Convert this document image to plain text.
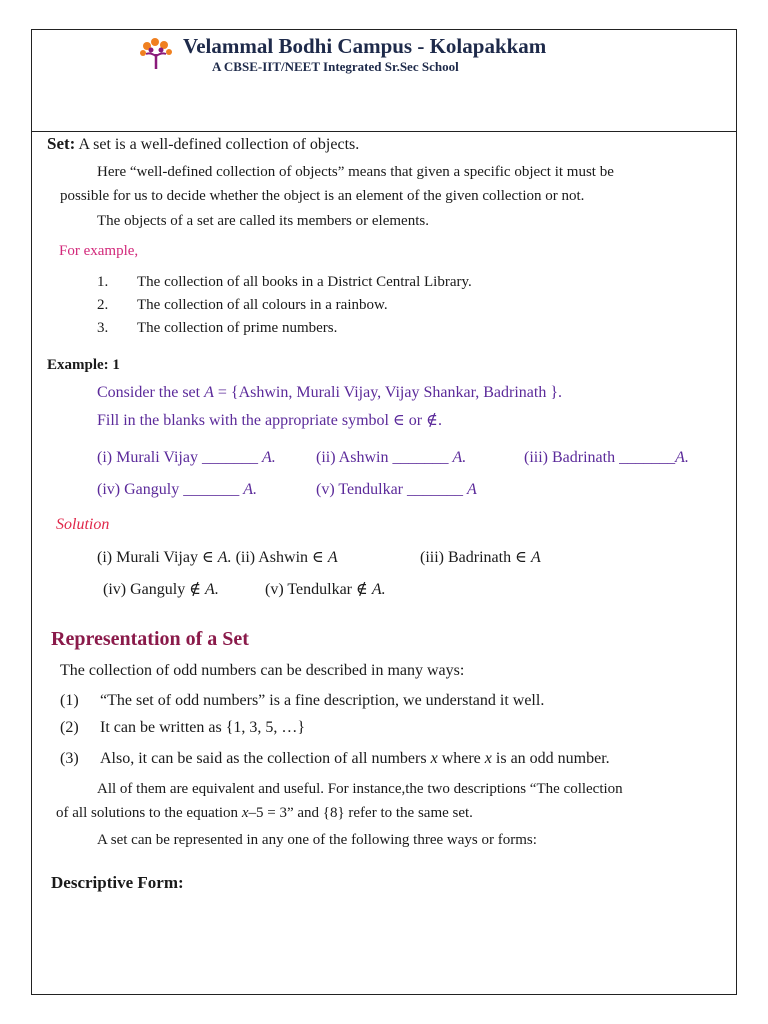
Velammal Bodhi Campus - Kolapakkam
A CBSE-IIT/NEET Integrated Sr.Sec School
Set: A set is a well-defined collection of objects.
Here “well-defined collection of objects” means that given a specific object it must be
possible for us to decide whether the object is an element of the given collection or not.
The objects of a set are called its members or elements.
For example,
1. The collection of all books in a District Central Library.
2. The collection of all colours in a rainbow.
3. The collection of prime numbers.
Example: 1
Consider the set A = {Ashwin, Murali Vijay, Vijay Shankar, Badrinath }.
Fill in the blanks with the appropriate symbol ∈ or ∉.
(i) Murali Vijay _______ A.	(ii) Ashwin _______ A.	(iii) Badrinath _______A.
(iv) Ganguly _______ A.	(v) Tendulkar _______ A
Solution
(i) Murali Vijay ∈ A. (ii) Ashwin ∈ A	(iii) Badrinath ∈ A
(iv) Ganguly ∉ A.	(v) Tendulkar ∉ A.
Representation of a Set
The collection of odd numbers can be described in many ways:
(1) “The set of odd numbers” is a fine description, we understand it well.
(2) It can be written as {1, 3, 5, …}
(3) Also, it can be said as the collection of all numbers x where x is an odd number.
All of them are equivalent and useful. For instance,the two descriptions “The collection
of all solutions to the equation x–5 = 3” and {8} refer to the same set.
A set can be represented in any one of the following three ways or forms:
Descriptive Form:
